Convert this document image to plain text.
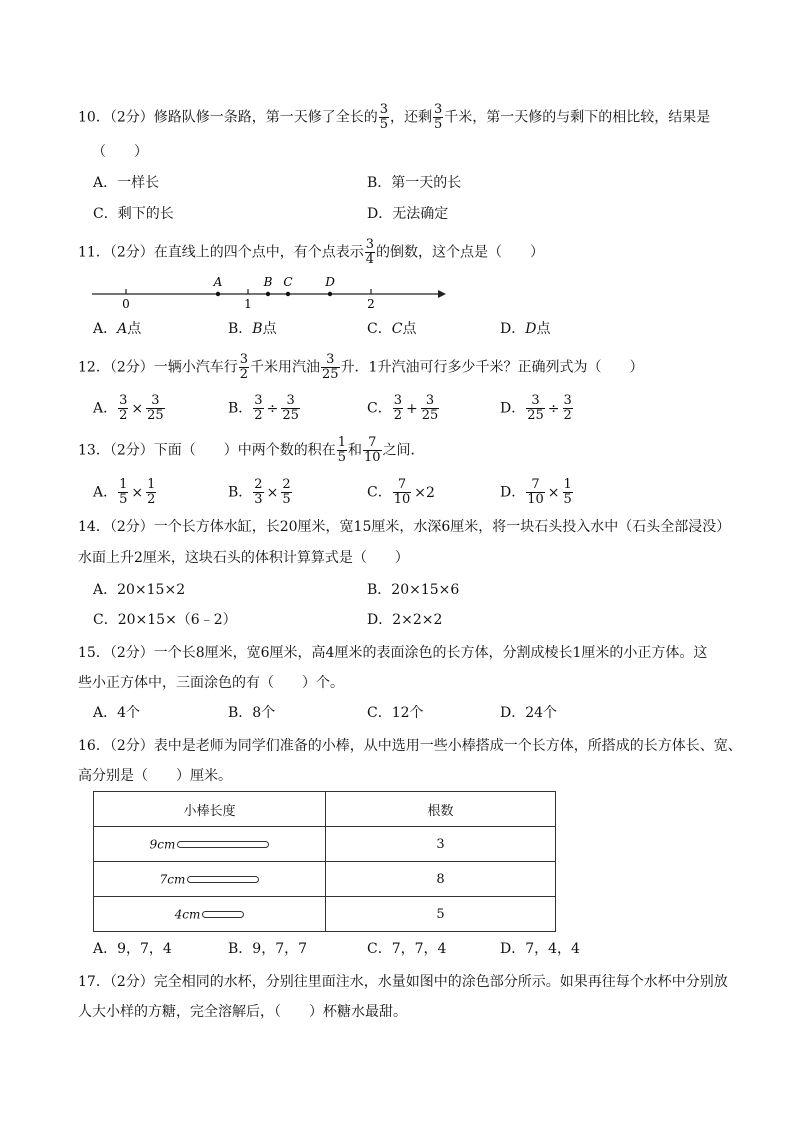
10．（2分）修路队修一条路，第一天修了全长的 $\frac{3}{5}$ ，还剩 $\frac{3}{5}$ 千米，第一天修的与剩下的相比较，结果是
（　　）
A．一样长	B．第一天的长
C．剩下的长	D．无法确定
11．（2分）在直线上的四个点中，有个点表示 $\frac{3}{4}$ 的倒数，这个点是（　　）
0	1	2
A	B C	D
A．A点	B．B点	C．C点	D．D点
12．（2分）一辆小汽车行 $\frac{3}{2}$ 千米用汽油 $\frac{3}{25}$ 升．1升汽油可行多少千米？正确列式为（　　）
A． $\frac{3}{2} \times \frac{3}{25}$	B． $\frac{3}{2} \div \frac{3}{25}$	C． $\frac{3}{2} + \frac{3}{25}$	D． $\frac{3}{25} \div \frac{3}{2}$
13．（2分）下面（　　）中两个数的积在 $\frac{1}{5}$ 和 $\frac{7}{10}$ 之间．
A． $\frac{1}{5} \times \frac{1}{2}$	B． $\frac{2}{3} \times \frac{2}{5}$	C． $\frac{7}{10} \times 2$	D． $\frac{7}{10} \times \frac{1}{5}$
14．（2分）一个长方体水缸，长20厘米，宽15厘米，水深6厘米，将一块石头投入水中（石头全部浸没）
水面上升2厘米，这块石头的体积计算算式是（　　）
A．20×15×2	B．20×15×6
C．20×15×（6﹣2）	D．2×2×2
15．（2分）一个长8厘米，宽6厘米，高4厘米的表面涂色的长方体，分割成棱长1厘米的小正方体。这
些小正方体中，三面涂色的有（　　）个。
A．4个	B．8个	C．12个	D．24个
16．（2分）表中是老师为同学们准备的小棒，从中选用一些小棒搭成一个长方体，所搭成的长方体长、宽、
高分别是（　　）厘米。
小棒长度	根数
9cm	3
7cm	8
4cm	5
A．9，7，4	B．9，7，7	C．7，7，4	D．7，4，4
17．（2分）完全相同的水杯，分别往里面注水，水量如图中的涂色部分所示。如果再往每个水杯中分别放
人大小样的方糖，完全溶解后，（　　）杯糖水最甜。
